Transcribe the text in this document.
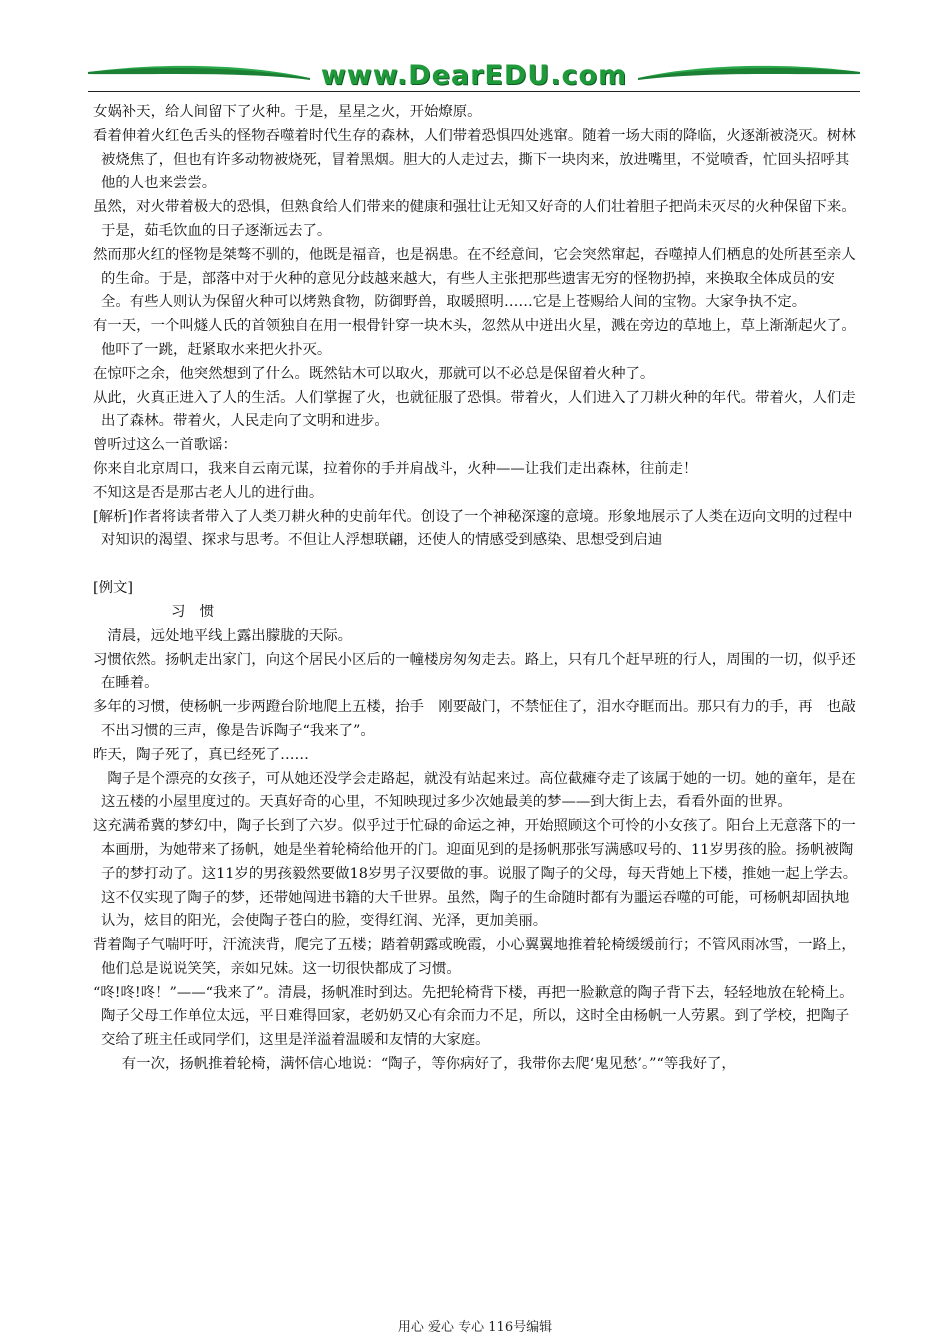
www.DearEDU.com

女娲补天，给人间留下了火种。于是，星星之火，开始燎原。

看着伸着火红色舌头的怪物吞噬着时代生存的森林，人们带着恐惧四处逃窜。随着一场大雨的降临，火逐渐被浇灭。树林被烧焦了，但也有许多动物被烧死，冒着黑烟。胆大的人走过去，撕下一块肉来，放进嘴里，不觉喷香，忙回头招呼其他的人也来尝尝。

虽然，对火带着极大的恐惧，但熟食给人们带来的健康和强壮让无知又好奇的人们壮着胆子把尚未灭尽的火种保留下来。于是，茹毛饮血的日子逐渐远去了。

然而那火红的怪物是桀骜不驯的，他既是福音，也是祸患。在不经意间，它会突然窜起，吞噬掉人们栖息的处所甚至亲人的生命。于是，部落中对于火种的意见分歧越来越大，有些人主张把那些遗害无穷的怪物扔掉，来换取全体成员的安全。有些人则认为保留火种可以烤熟食物，防御野兽，取暖照明……它是上苍赐给人间的宝物。大家争执不定。

有一天，一个叫燧人氏的首领独自在用一根骨针穿一块木头，忽然从中迸出火星，溅在旁边的草地上，草上渐渐起火了。他吓了一跳，赶紧取水来把火扑灭。

在惊吓之余，他突然想到了什么。既然钻木可以取火，那就可以不必总是保留着火种了。

从此，火真正进入了人的生活。人们掌握了火，也就征服了恐惧。带着火，人们进入了刀耕火种的年代。带着火，人们走出了森林。带着火，人民走向了文明和进步。

曾听过这么一首歌谣：

你来自北京周口，我来自云南元谋，拉着你的手并肩战斗，火种——让我们走出森林，往前走！

不知这是否是那古老人儿的进行曲。

[解析]作者将读者带入了人类刀耕火种的史前年代。创设了一个神秘深邃的意境。形象地展示了人类在迈向文明的过程中对知识的渴望、探求与思考。不但让人浮想联翩，还使人的情感受到感染、思想受到启迪

[例文]

习　惯

　清晨，远处地平线上露出朦胧的天际。

习惯依然。扬帆走出家门，向这个居民小区后的一幢楼房匆匆走去。路上，只有几个赶早班的行人，周围的一切，似乎还在睡着。

多年的习惯，使杨帆一步两蹬台阶地爬上五楼，抬手　刚要敲门，不禁怔住了，泪水夺眶而出。那只有力的手，再　也敲不出习惯的三声，像是告诉陶子“我来了”。

昨天，陶子死了，真已经死了……

　陶子是个漂亮的女孩子，可从她还没学会走路起，就没有站起来过。高位截瘫夺走了该属于她的一切。她的童年，是在这五楼的小屋里度过的。天真好奇的心里，不知映现过多少次她最美的梦——到大街上去，看看外面的世界。

这充满希冀的梦幻中，陶子长到了六岁。似乎过于忙碌的命运之神，开始照顾这个可怜的小女孩了。阳台上无意落下的一本画册，为她带来了扬帆，她是坐着轮椅给他开的门。迎面见到的是扬帆那张写满感叹号的、11岁男孩的脸。扬帆被陶子的梦打动了。这11岁的男孩毅然要做18岁男子汉要做的事。说服了陶子的父母，每天背她上下楼，推她一起上学去。这不仅实现了陶子的梦，还带她闯进书籍的大千世界。虽然，陶子的生命随时都有为噩运吞噬的可能，可杨帆却固执地认为，炫目的阳光，会使陶子苍白的脸，变得红润、光泽，更加美丽。

背着陶子气喘吁吁，汗流浃背，爬完了五楼；踏着朝露或晚霞，小心翼翼地推着轮椅缓缓前行；不管风雨冰雪，一路上，他们总是说说笑笑，亲如兄妹。这一切很快都成了习惯。

“咚!咚!咚！”——“我来了”。清晨，扬帆准时到达。先把轮椅背下楼，再把一脸歉意的陶子背下去，轻轻地放在轮椅上。陶子父母工作单位太远，平日难得回家，老奶奶又心有余而力不足，所以，这时全由杨帆一人劳累。到了学校，把陶子交给了班主任或同学们，这里是洋溢着温暖和友情的大家庭。

　　有一次，扬帆推着轮椅，满怀信心地说：“陶子，等你病好了，我带你去爬‘鬼见愁’。”“等我好了，

用心 爱心 专心 116号编辑
